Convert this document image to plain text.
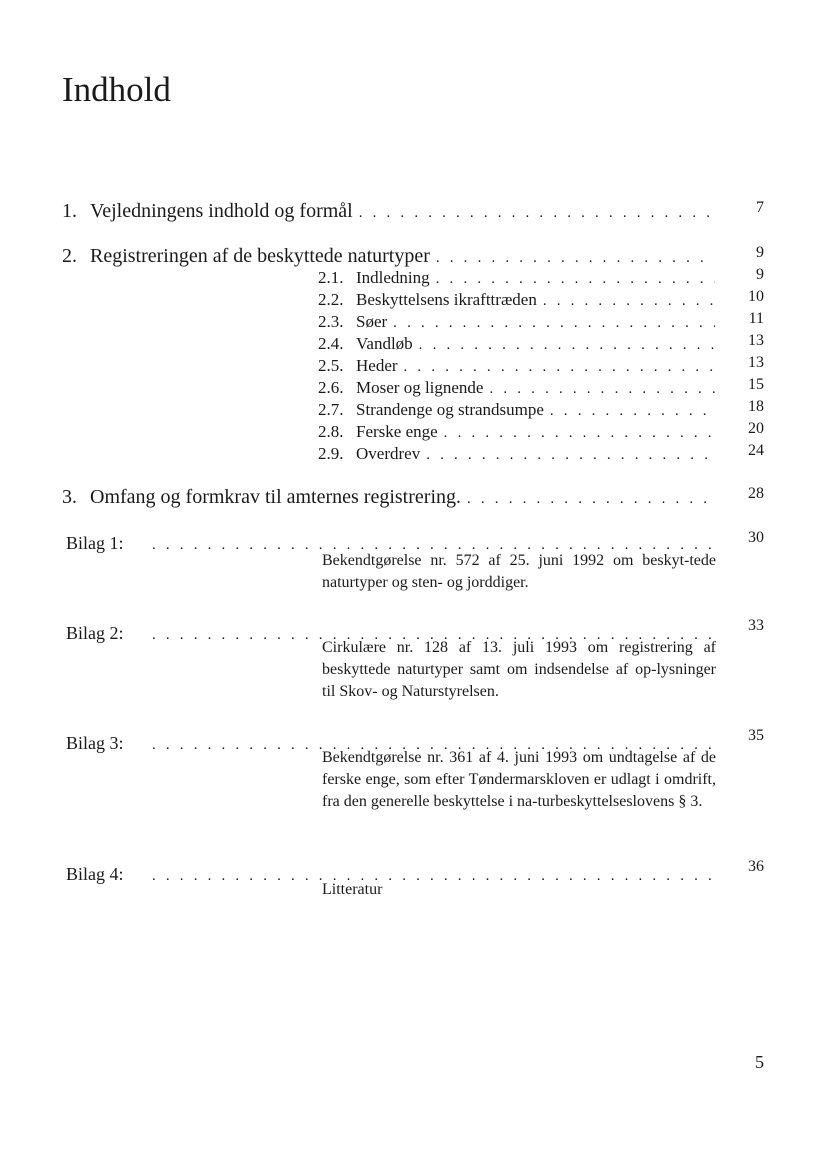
Indhold
1. Vejledningens indhold og formål . . .	7
2. Registreringen af de beskyttede naturtyper . . .	9
2.1. Indledning . . .	9
2.2. Beskyttelsens ikrafttræden . . .	10
2.3. Søer . . .	11
2.4. Vandløb . . .	13
2.5. Heder . . .	13
2.6. Moser og lignende . . .	15
2.7. Strandenge og strandsumpe . . .	18
2.8. Ferske enge . . .	20
2.9. Overdrev . . .	24
3. Omfang og formkrav til amternes registrering. . . .	28
Bilag 1: . . .	30
Bekendtgørelse nr. 572 af 25. juni 1992 om beskyt-tede naturtyper og sten- og jorddiger.
Bilag 2: . . .	33
Cirkulære nr. 128 af 13. juli 1993 om registrering af beskyttede naturtyper samt om indsendelse af op-lysninger til Skov- og Naturstyrelsen.
Bilag 3: . . .	35
Bekendtgørelse nr. 361 af 4. juni 1993 om undtagelse af de ferske enge, som efter Tøndermarskloven er udlagt i omdrift, fra den generelle beskyttelse i na-turbeskyttelseslovens § 3.
Bilag 4: . . .	36
Litteratur
5
